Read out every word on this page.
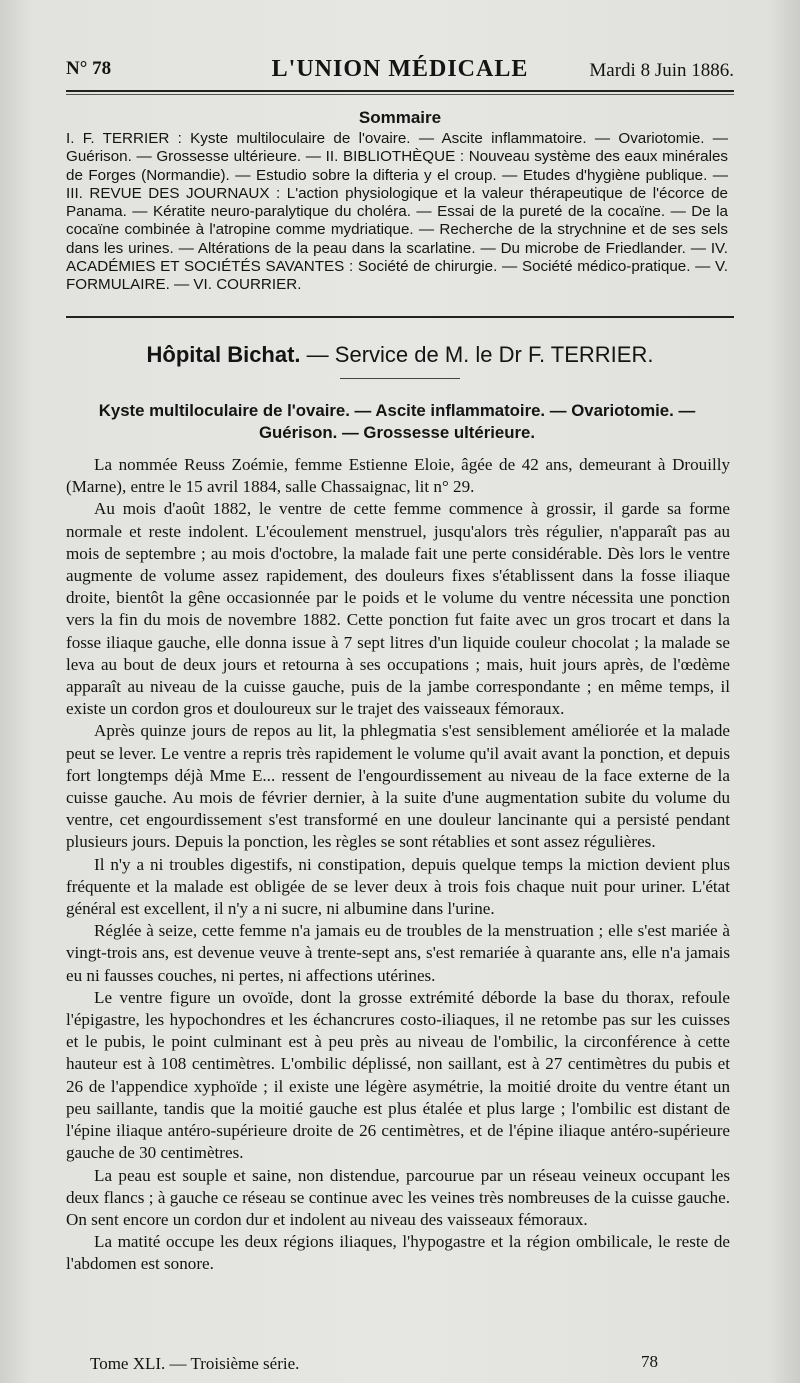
N° 78	L'UNION MÉDICALE	Mardi 8 Juin 1886.
Sommaire
I. F. TERRIER : Kyste multiloculaire de l'ovaire. — Ascite inflammatoire. — Ovariotomie. — Guérison. — Grossesse ultérieure. — II. BIBLIOTHÈQUE : Nouveau système des eaux minérales de Forges (Normandie). — Estudio sobre la difteria y el croup. — Etudes d'hygiène publique. — III. REVUE DES JOURNAUX : L'action physiologique et la valeur thérapeutique de l'écorce de Panama. — Kératite neuro-paralytique du choléra. — Essai de la pureté de la cocaïne. — De la cocaïne combinée à l'atropine comme mydriatique. — Recherche de la strychnine et de ses sels dans les urines. — Altérations de la peau dans la scarlatine. — Du microbe de Friedlander. — IV. ACADÉMIES ET SOCIÉTÉS SAVANTES : Société de chirurgie. — Société médico-pratique. — V. FORMULAIRE. — VI. COURRIER.
Hôpital Bichat. — Service de M. le Dr F. TERRIER.
Kyste multiloculaire de l'ovaire. — Ascite inflammatoire. — Ovariotomie. — Guérison. — Grossesse ultérieure.

La nommée Reuss Zoémie, femme Estienne Eloie, âgée de 42 ans, demeurant à Drouilly (Marne), entre le 15 avril 1884, salle Chassaignac, lit n° 29.

Au mois d'août 1882, le ventre de cette femme commence à grossir, il garde sa forme normale et reste indolent. L'écoulement menstruel, jusqu'alors très régulier, n'apparaît pas au mois de septembre ; au mois d'octobre, la malade fait une perte considérable. Dès lors le ventre augmente de volume assez rapidement, des douleurs fixes s'établissent dans la fosse iliaque droite, bientôt la gêne occasionnée par le poids et le volume du ventre nécessita une ponction vers la fin du mois de novembre 1882. Cette ponction fut faite avec un gros trocart et dans la fosse iliaque gauche, elle donna issue à 7 sept litres d'un liquide couleur chocolat ; la malade se leva au bout de deux jours et retourna à ses occupations ; mais, huit jours après, de l'œdème apparaît au niveau de la cuisse gauche, puis de la jambe correspondante ; en même temps, il existe un cordon gros et douloureux sur le trajet des vaisseaux fémoraux.

Après quinze jours de repos au lit, la phlegmatia s'est sensiblement améliorée et la malade peut se lever. Le ventre a repris très rapidement le volume qu'il avait avant la ponction, et depuis fort longtemps déjà Mme E... ressent de l'engourdissement au niveau de la face externe de la cuisse gauche. Au mois de février dernier, à la suite d'une augmentation subite du volume du ventre, cet engourdissement s'est transformé en une douleur lancinante qui a persisté pendant plusieurs jours. Depuis la ponction, les règles se sont rétablies et sont assez régulières.

Il n'y a ni troubles digestifs, ni constipation, depuis quelque temps la miction devient plus fréquente et la malade est obligée de se lever deux à trois fois chaque nuit pour uriner. L'état général est excellent, il n'y a ni sucre, ni albumine dans l'urine.

Réglée à seize, cette femme n'a jamais eu de troubles de la menstruation ; elle s'est mariée à vingt-trois ans, est devenue veuve à trente-sept ans, s'est remariée à quarante ans, elle n'a jamais eu ni fausses couches, ni pertes, ni affections utérines.

Le ventre figure un ovoïde, dont la grosse extrémité déborde la base du thorax, refoule l'épigastre, les hypochondres et les échancrures costo-iliaques, il ne retombe pas sur les cuisses et le pubis, le point culminant est à peu près au niveau de l'ombilic, la circonférence à cette hauteur est à 108 centimètres. L'ombilic déplissé, non saillant, est à 27 centimètres du pubis et 26 de l'appendice xyphoïde ; il existe une légère asymétrie, la moitié droite du ventre étant un peu saillante, tandis que la moitié gauche est plus étalée et plus large ; l'ombilic est distant de l'épine iliaque antéro-supérieure droite de 26 centimètres, et de l'épine iliaque antéro-supérieure gauche de 30 centimètres.

La peau est souple et saine, non distendue, parcourue par un réseau veineux occupant les deux flancs ; à gauche ce réseau se continue avec les veines très nombreuses de la cuisse gauche. On sent encore un cordon dur et indolent au niveau des vaisseaux fémoraux.

La matité occupe les deux régions iliaques, l'hypogastre et la région ombilicale, le reste de l'abdomen est sonore.

Tome XLI. — Troisième série.	78
